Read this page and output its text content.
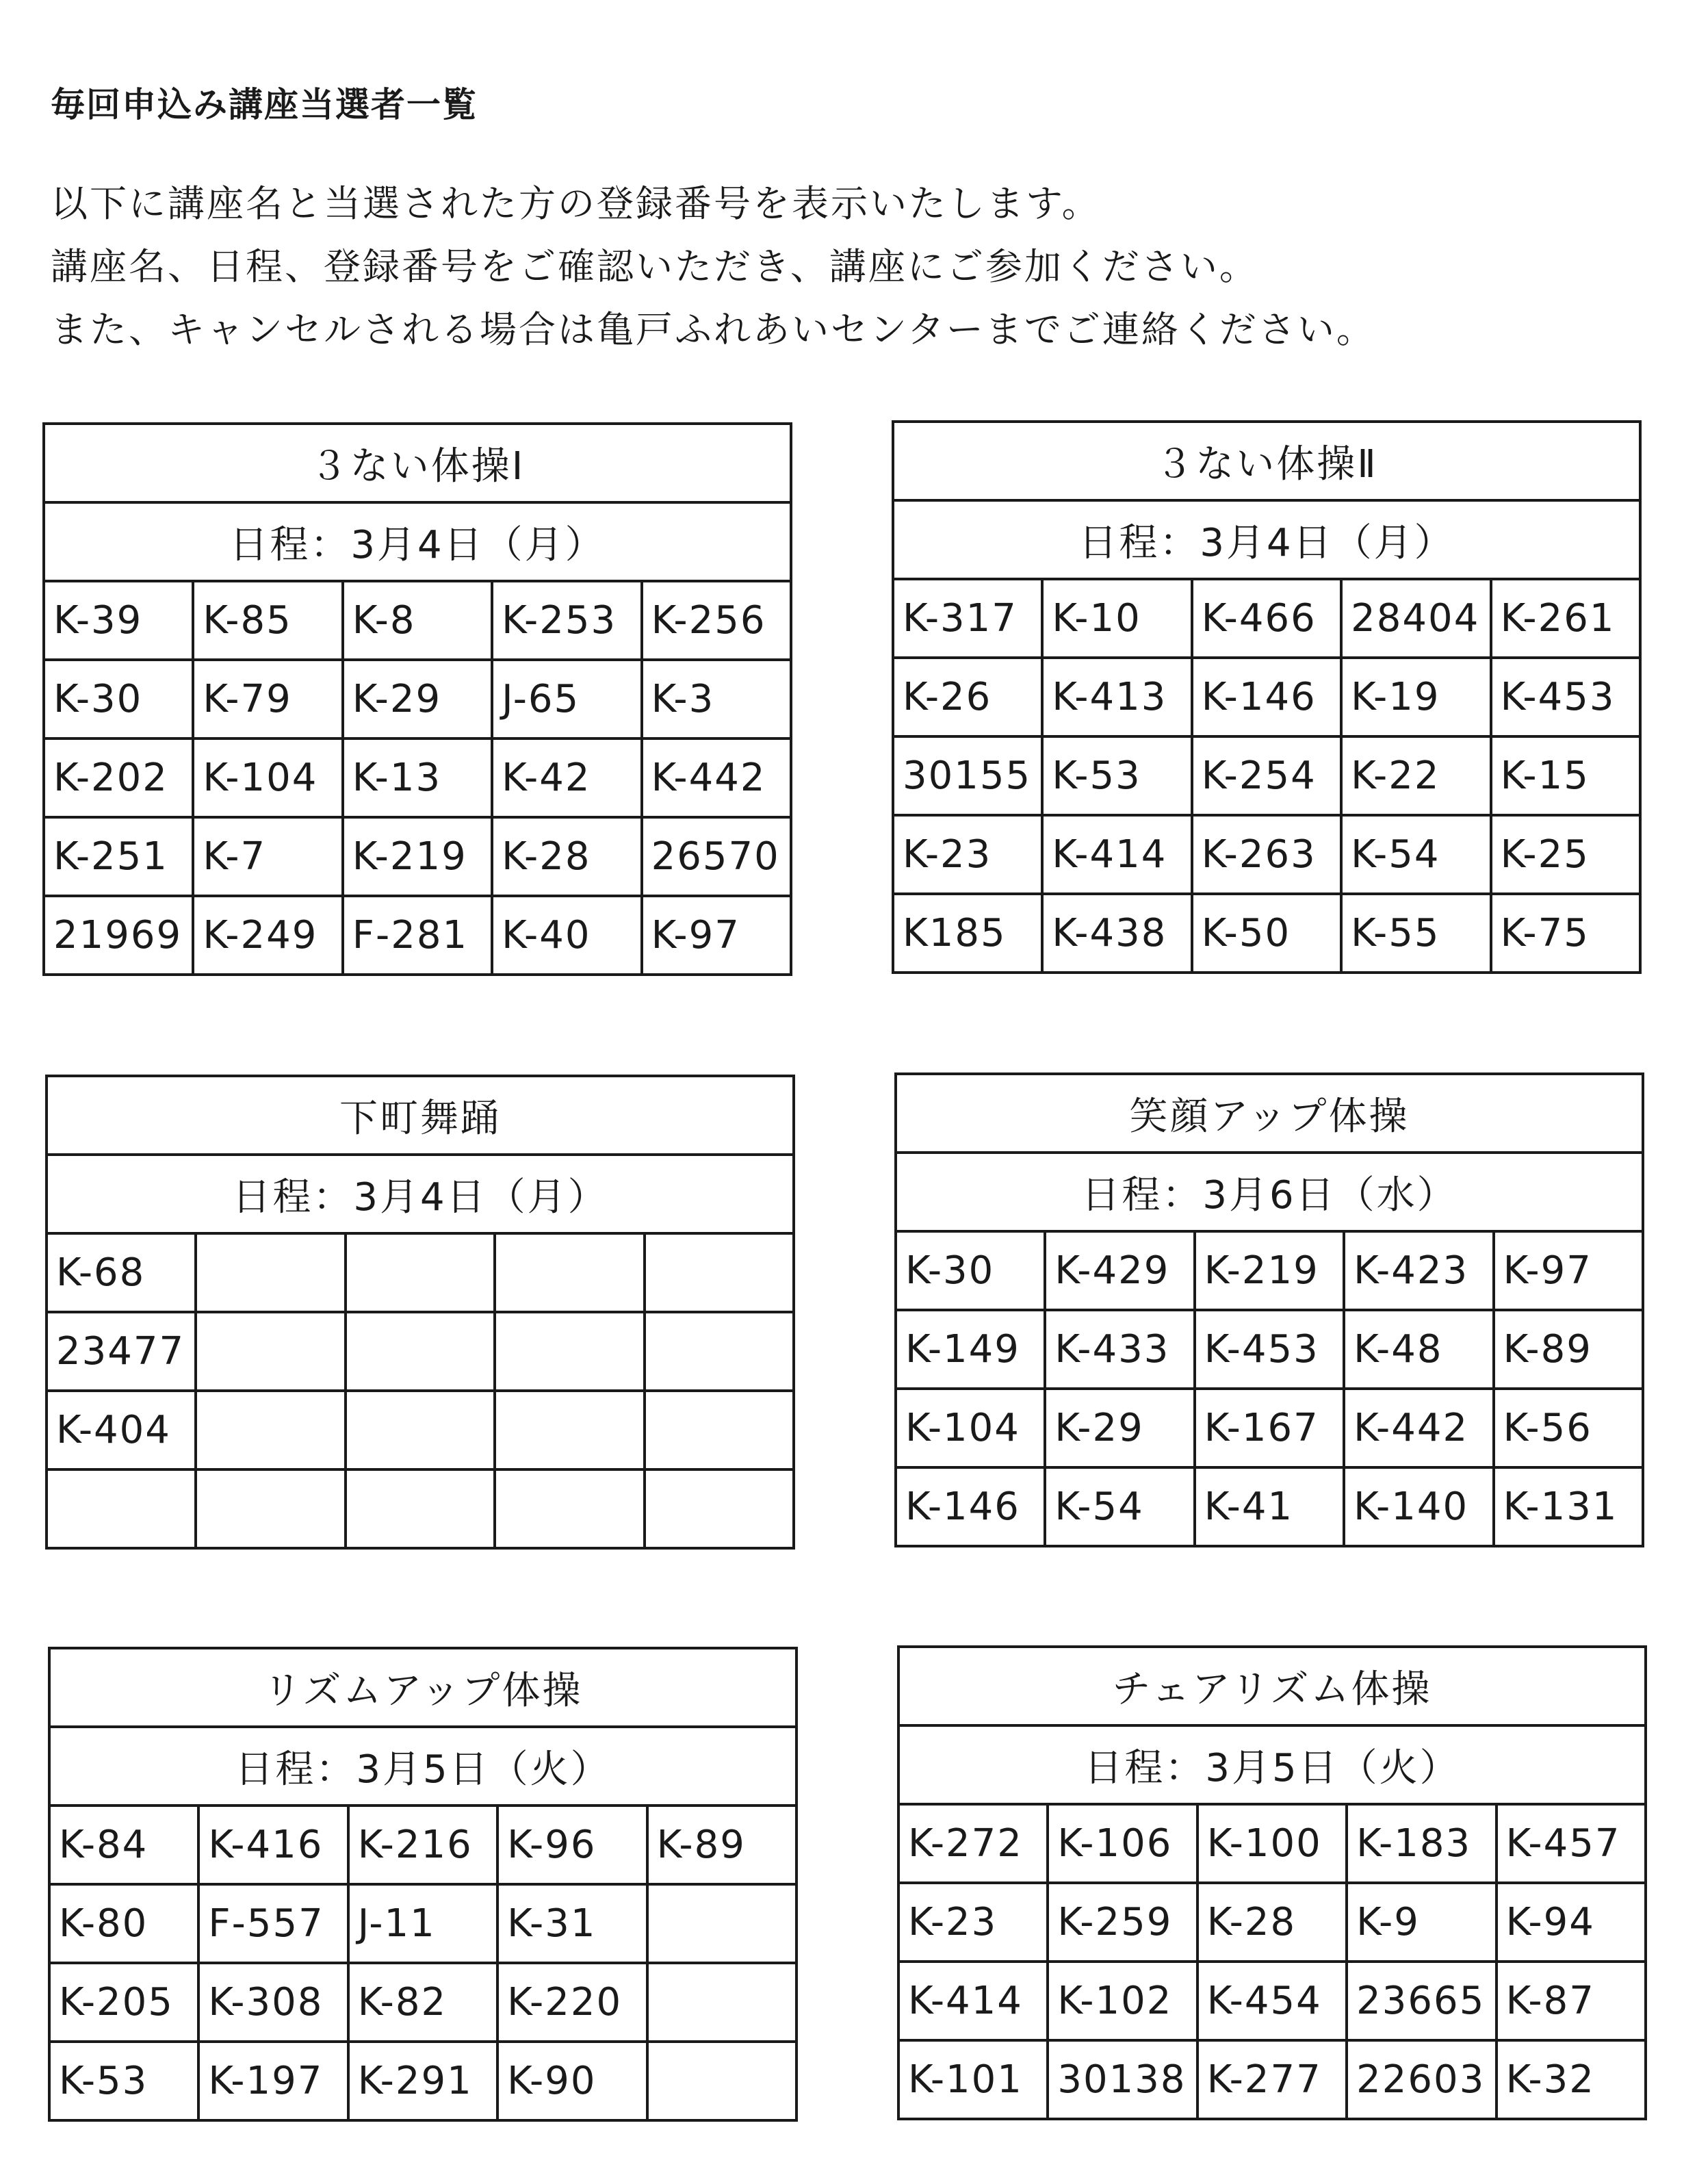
毎回申込み講座当選者一覧
以下に講座名と当選された方の登録番号を表示いたします。
講座名、日程、登録番号をご確認いただき、講座にご参加ください。
また、キャンセルされる場合は亀戸ふれあいセンターまでご連絡ください。
３ない体操Ⅰ				
日程：3月4日（月）				
K-39	K-85	K-8	K-253	K-256
K-30	K-79	K-29	J-65	K-3
K-202	K-104	K-13	K-42	K-442
K-251	K-7	K-219	K-28	26570
21969	K-249	F-281	K-40	K-97
３ない体操Ⅱ				
日程：3月4日（月）				
K-317	K-10	K-466	28404	K-261
K-26	K-413	K-146	K-19	K-453
30155	K-53	K-254	K-22	K-15
K-23	K-414	K-263	K-54	K-25
K185	K-438	K-50	K-55	K-75
下町舞踊				
日程：3月4日（月）				
K-68				
23477				
K-404				

笑顔アップ体操				
日程：3月6日（水）				
K-30	K-429	K-219	K-423	K-97
K-149	K-433	K-453	K-48	K-89
K-104	K-29	K-167	K-442	K-56
K-146	K-54	K-41	K-140	K-131
リズムアップ体操				
日程：3月5日（火）				
K-84	K-416	K-216	K-96	K-89
K-80	F-557	J-11	K-31	
K-205	K-308	K-82	K-220	
K-53	K-197	K-291	K-90	
チェアリズム体操				
日程：3月5日（火）				
K-272	K-106	K-100	K-183	K-457
K-23	K-259	K-28	K-9	K-94
K-414	K-102	K-454	23665	K-87
K-101	30138	K-277	22603	K-32
